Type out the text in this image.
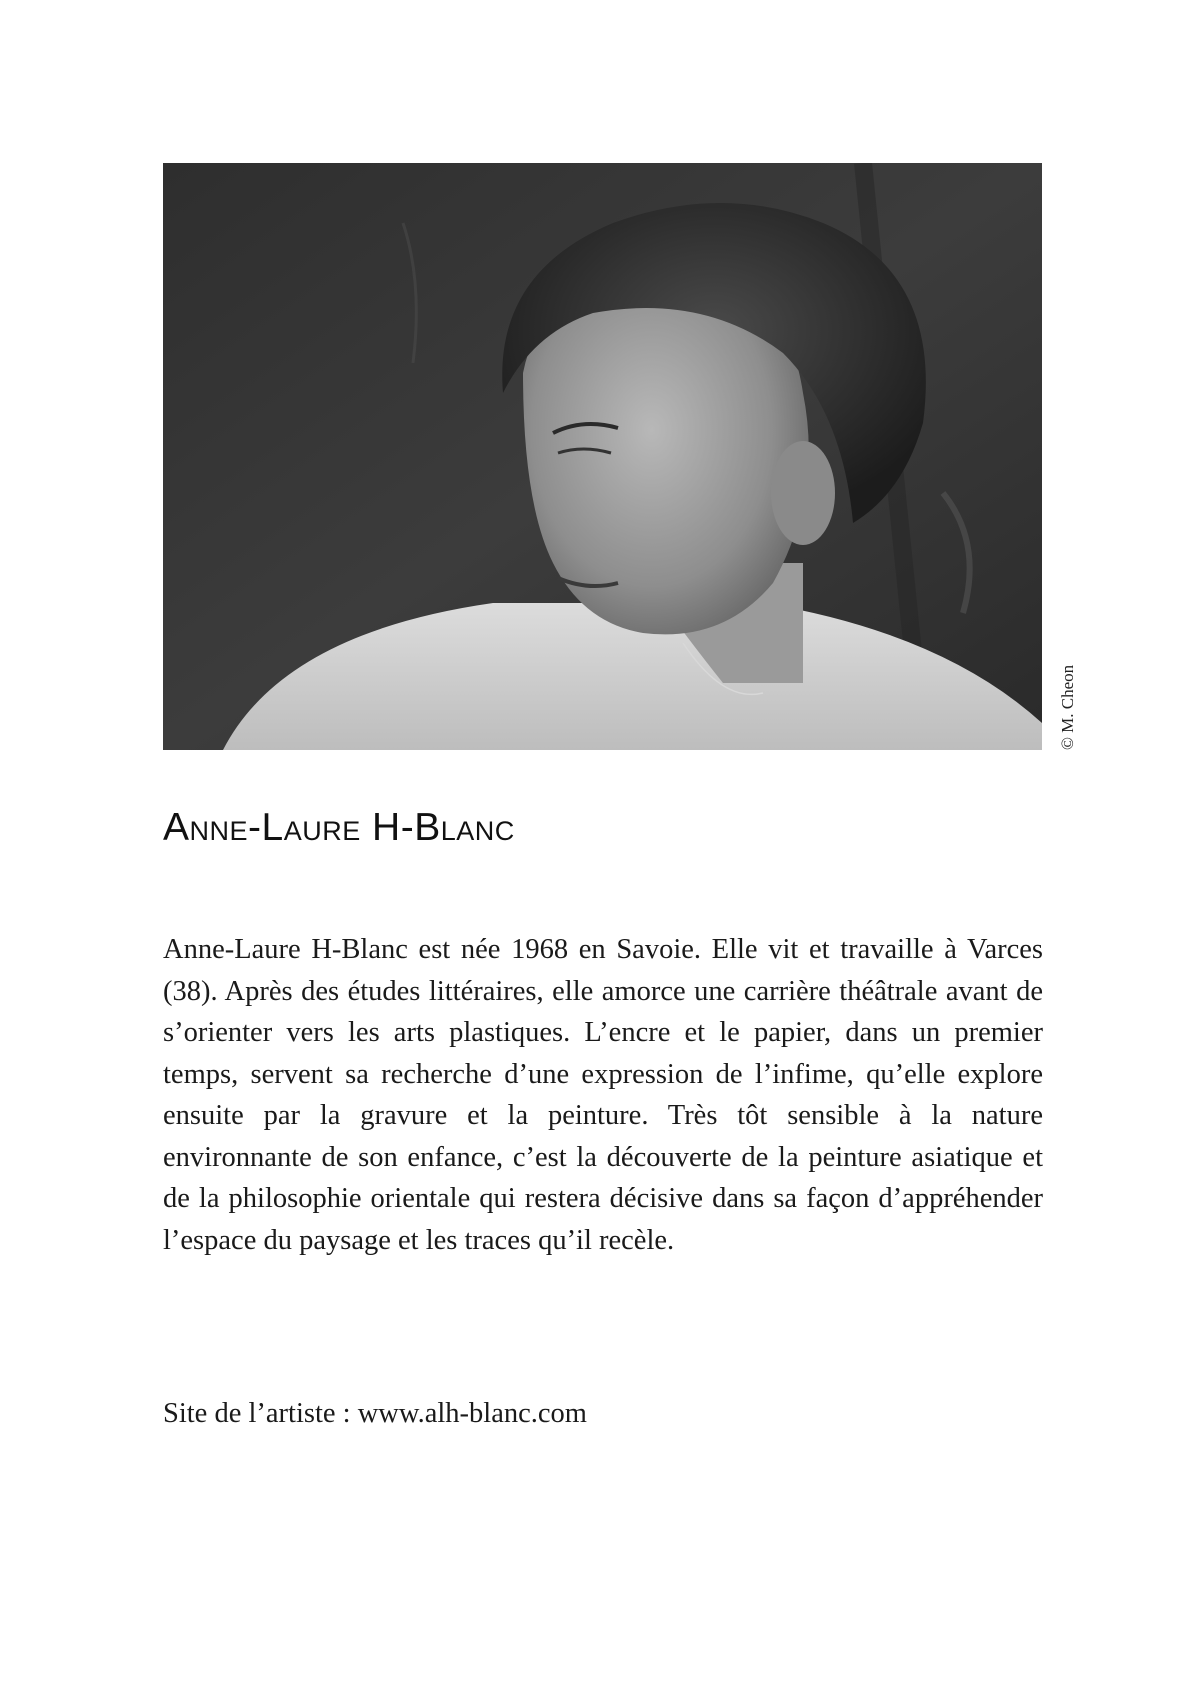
© M. Cheon
Anne-Laure H-Blanc

Anne-Laure H-Blanc est née 1968 en Savoie. Elle vit et travaille à Varces (38). Après des études littéraires, elle amorce une carrière théâtrale avant de s’orienter vers les arts plastiques. L’encre et le papier, dans un premier temps, servent sa recherche d’une expression de l’infime, qu’elle explore ensuite par la gravure et la peinture. Très tôt sensible à la nature environnante de son enfance, c’est la découverte de la peinture asiatique et de la philosophie orientale qui restera décisive dans sa façon d’appréhender l’espace du paysage et les traces qu’il recèle.

Site de l’artiste : www.alh-blanc.com
